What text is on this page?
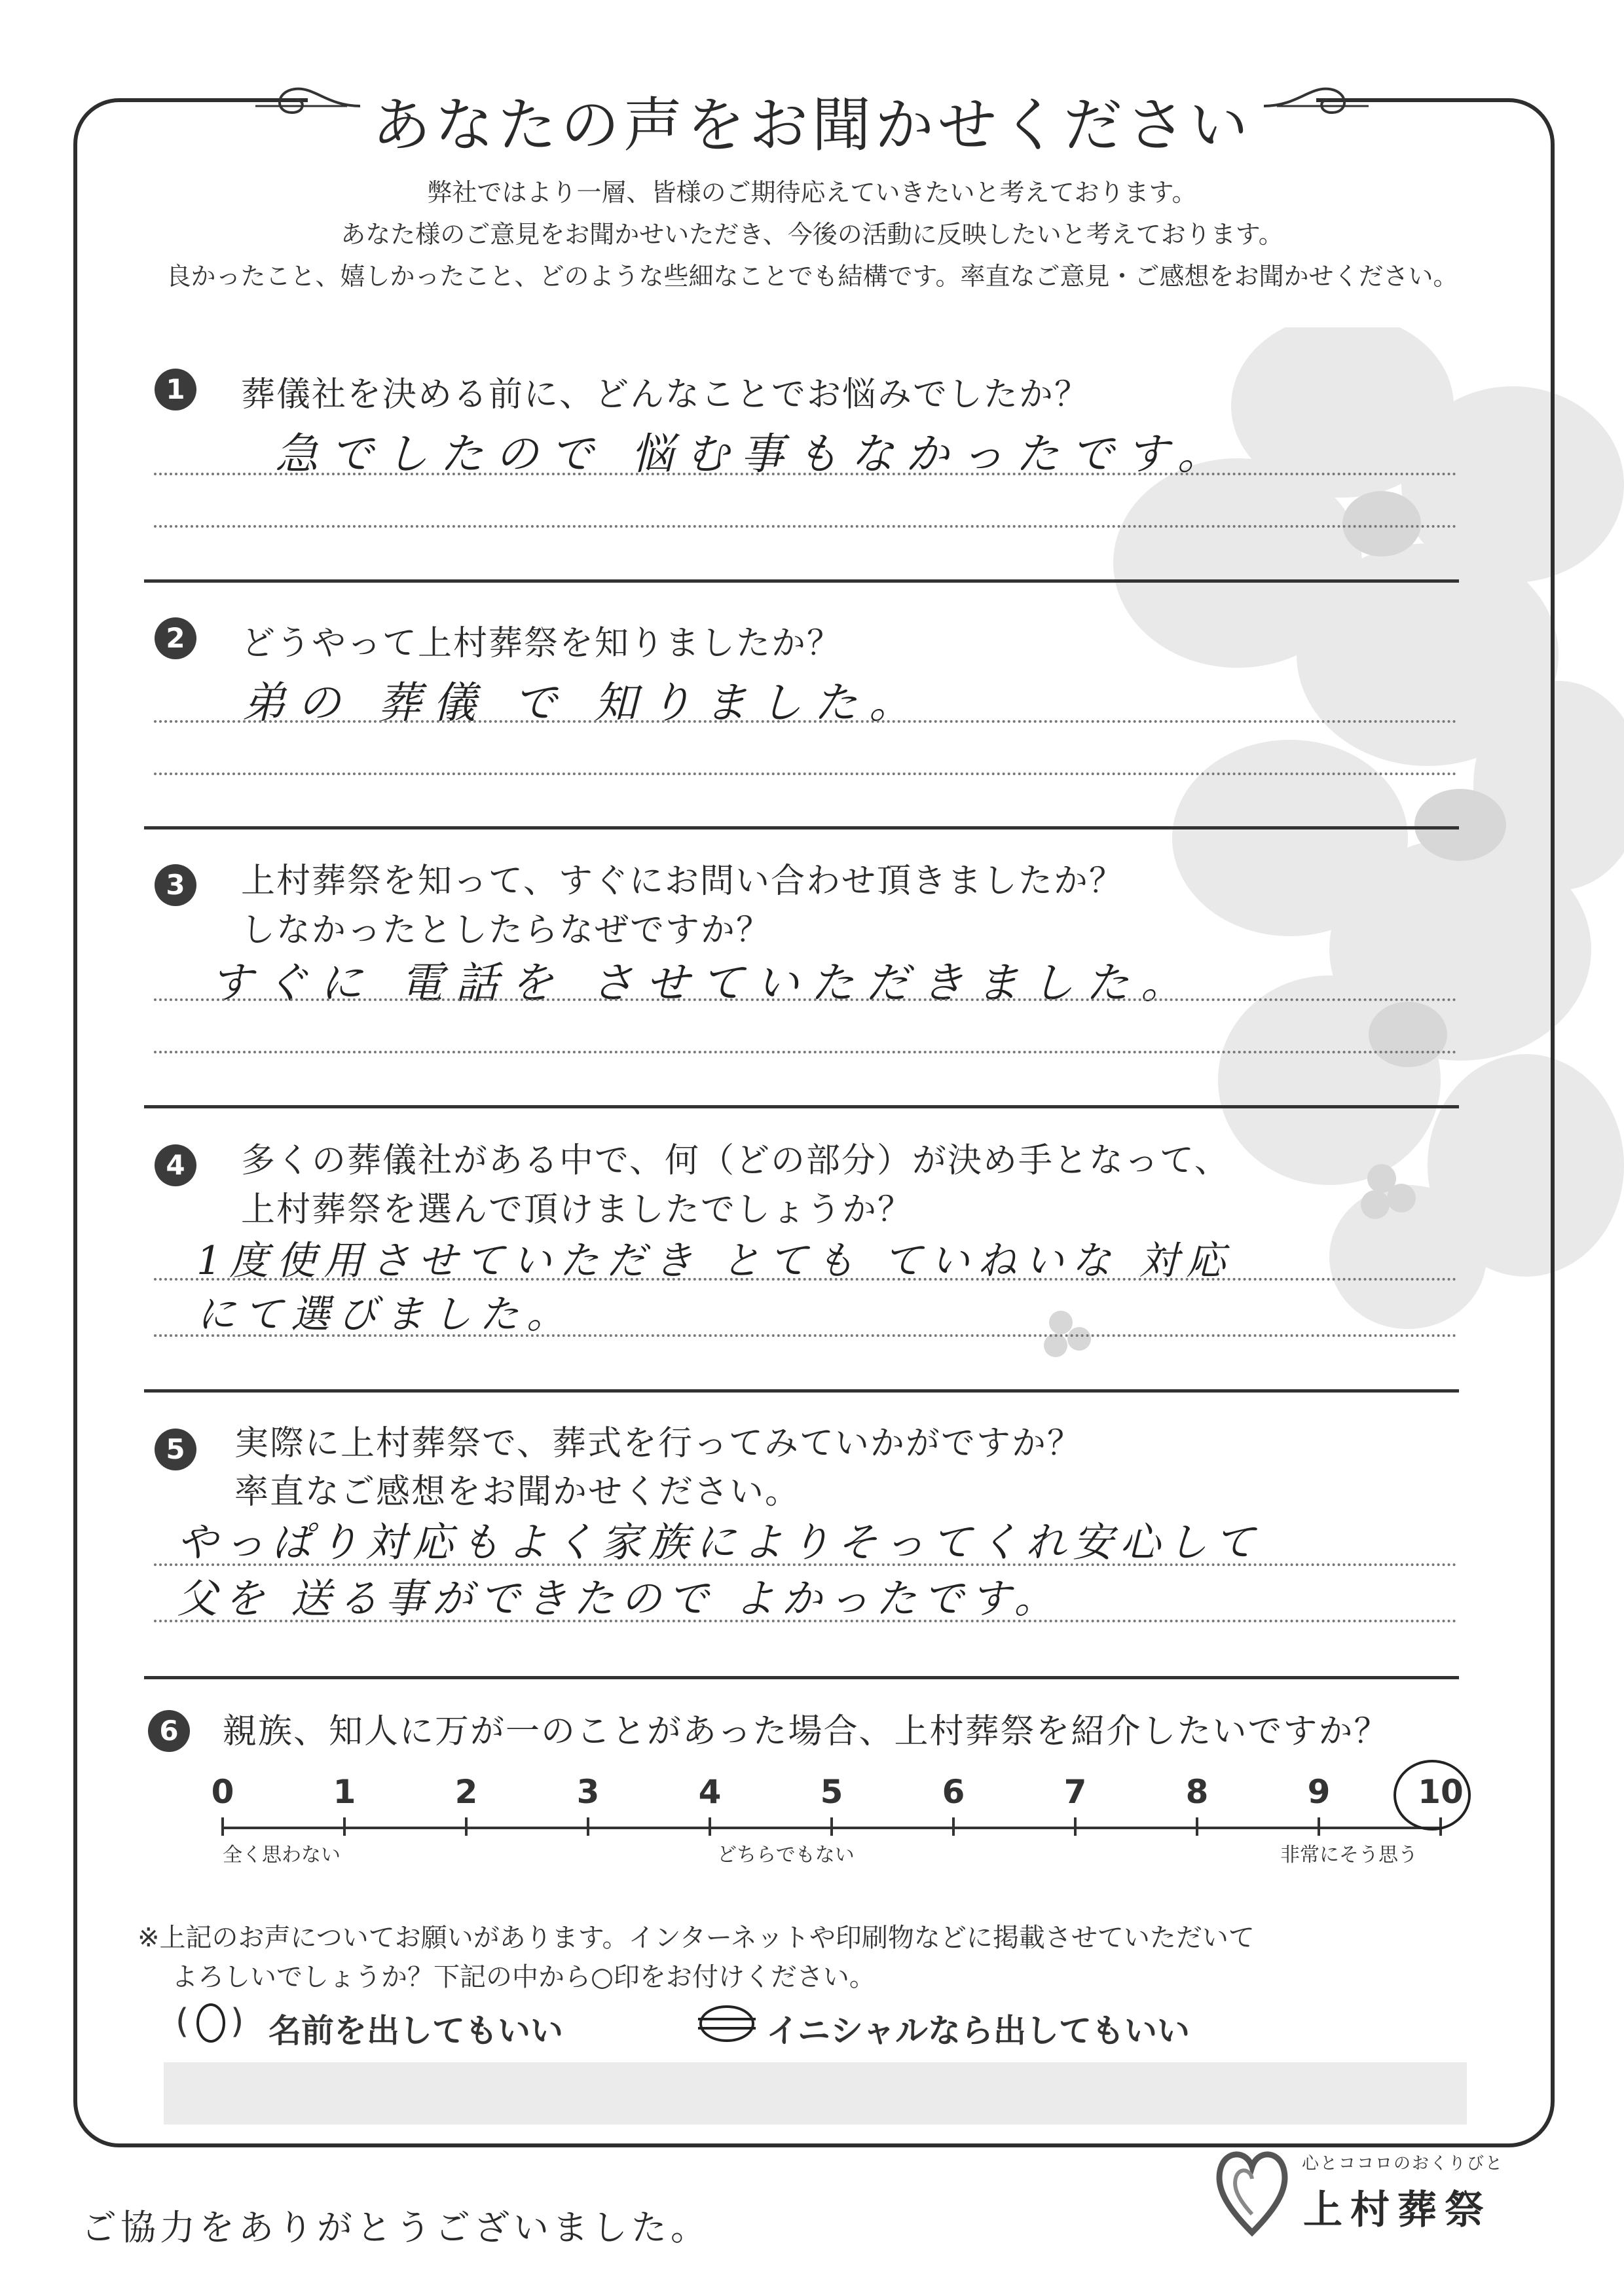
あなたの声をお聞かせください
弊社ではより一層、皆様のご期待応えていきたいと考えております。
あなた様のご意見をお聞かせいただき、今後の活動に反映したいと考えております。
良かったこと、嬉しかったこと、どのような些細なことでも結構です。率直なご意見・ご感想をお聞かせください。
1	葬儀社を決める前に、どんなことでお悩みでしたか？
急でしたので 悩む事もなかったです。
2	どうやって上村葬祭を知りましたか？
弟の 葬儀 で 知りました。
3	上村葬祭を知って、すぐにお問い合わせ頂きましたか？
しなかったとしたらなぜですか？
すぐに 電話を させていただきました。
4	多くの葬儀社がある中で、何（どの部分）が決め手となって、
上村葬祭を選んで頂けましたでしょうか？
1度使用させていただき とても ていねいな 対応
にて選びました。
5	実際に上村葬祭で、葬式を行ってみていかがですか？
率直なご感想をお聞かせください。
やっぱり対応もよく家族によりそってくれ安心して
父を 送る事ができたので よかったです。
6	親族、知人に万が一のことがあった場合、上村葬祭を紹介したいですか？
0	1	2	3	4	5	6	7	8	9	10
全く思わない	どちらでもない	非常にそう思う
※上記のお声についてお願いがあります。インターネットや印刷物などに掲載させていただいて
よろしいでしょうか？下記の中から○印をお付けください。
( ) 名前を出してもいい	イニシャルなら出してもいい
ご協力をありがとうございました。
心とココロのおくりびと
上村葬祭
